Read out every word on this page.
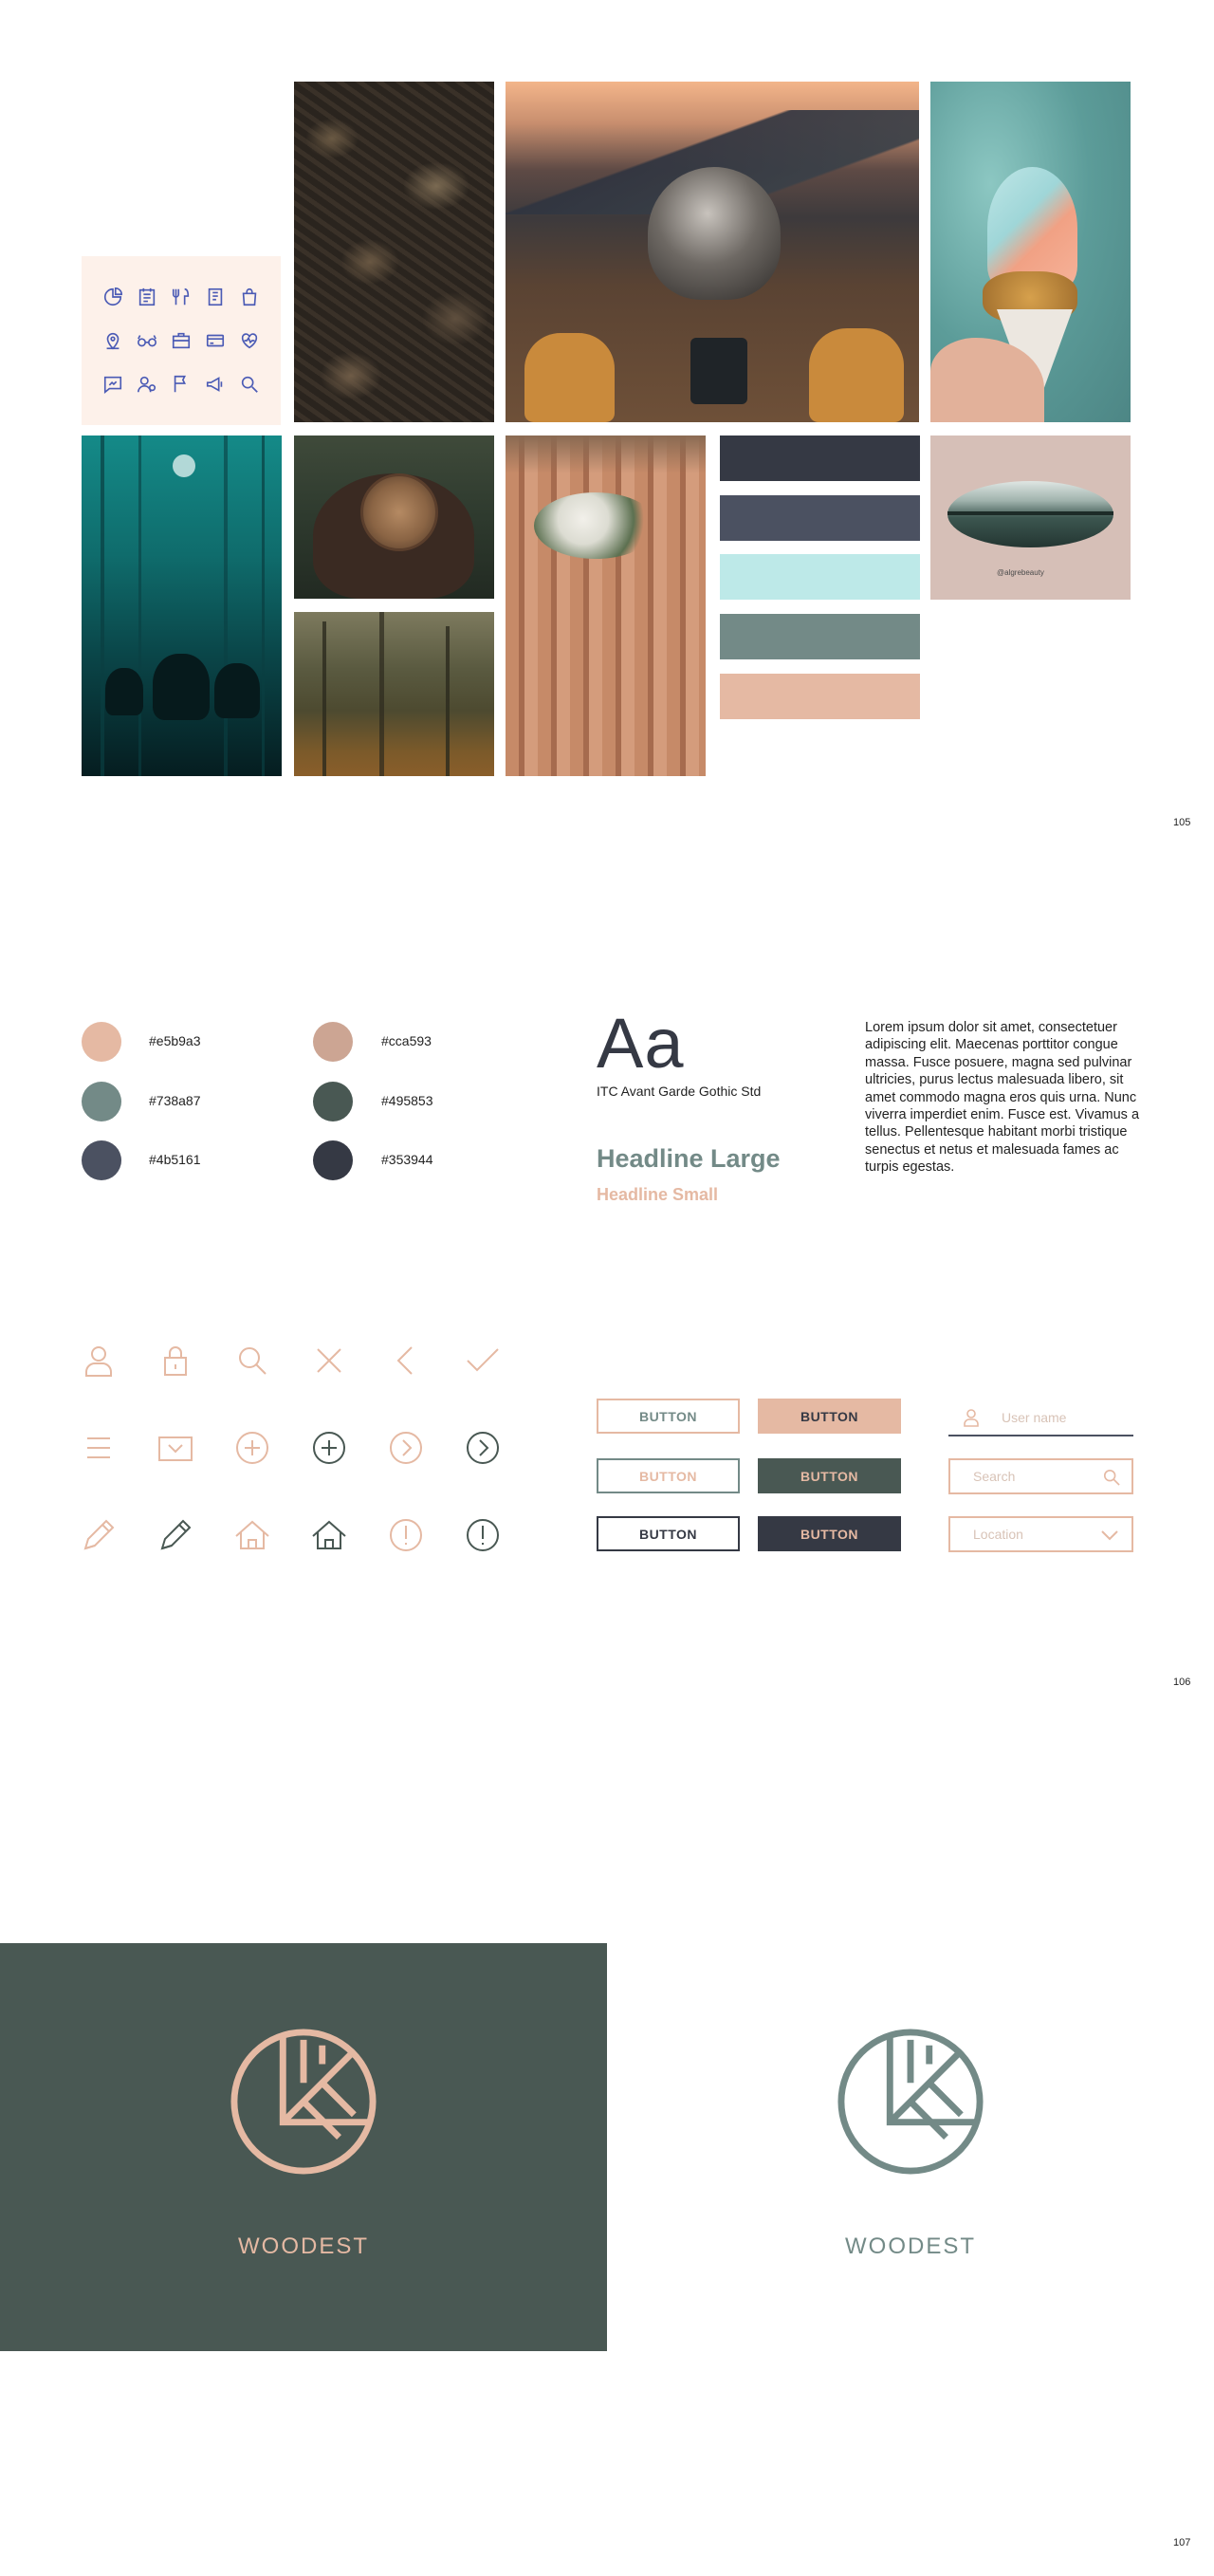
@algrebeauty
105
#e5b9a3	#cca593
#738a87	#495853
#4b5161	#353944
Aa
ITC Avant Garde Gothic Std
Headline Large
Headline Small
Lorem ipsum dolor sit amet, consectetuer adipiscing elit. Maecenas porttitor congue massa. Fusce posuere, magna sed pulvinar ultricies, purus lectus malesuada libero, sit amet commodo magna eros quis urna. Nunc viverra imperdiet enim. Fusce est. Vivamus a tellus. Pellentesque habitant morbi tristique senectus et netus et malesuada fames ac turpis egestas.
BUTTON	BUTTON
BUTTON	BUTTON
BUTTON	BUTTON
User name
Search
Location
106
WOODEST	WOODEST
107
